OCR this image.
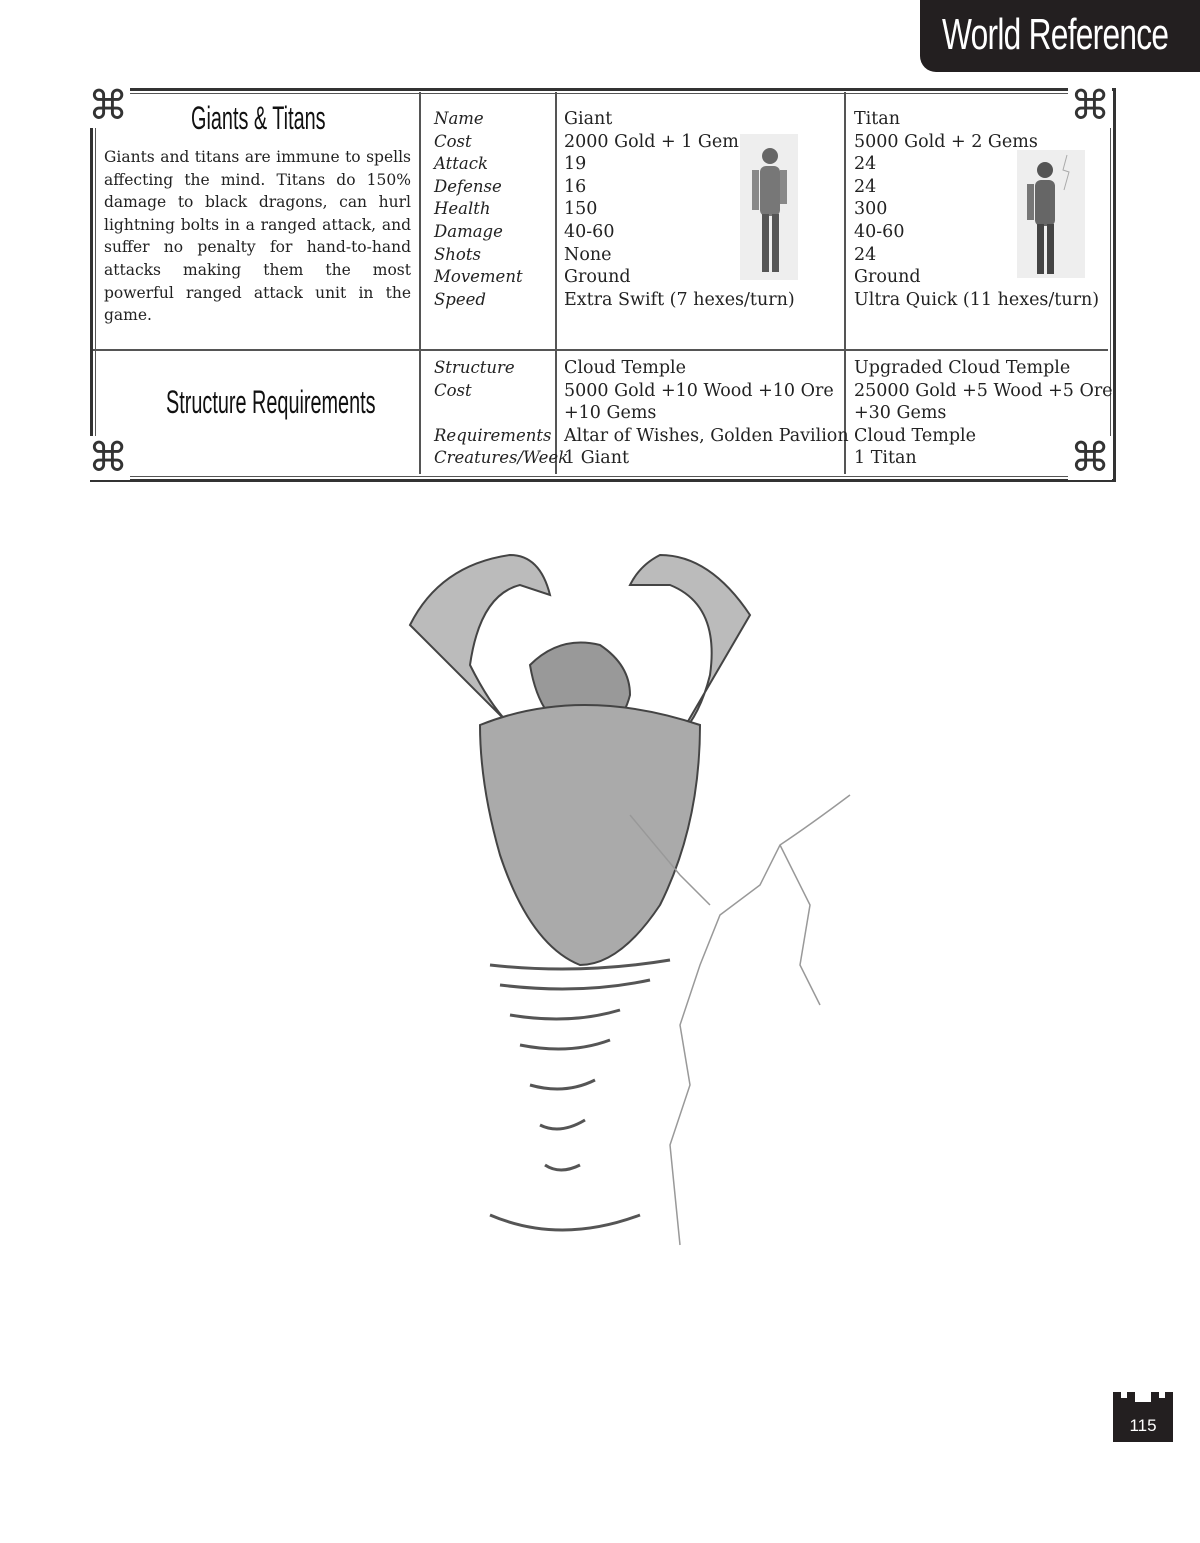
World Reference
⌘	⌘
⌘	⌘
Giants & Titans
Giants and titans are immune to spells affecting the mind. Titans do 150% damage to black dragons, can hurl lightning bolts in a ranged attack, and suffer no penalty for hand-to-hand attacks making them the most powerful ranged attack unit in the game.
Structure Requirements
Name
Cost
Attack
Defense
Health
Damage
Shots
Movement
Speed
Giant
2000 Gold + 1 Gem
19
16
150
40-60
None
Ground
Extra Swift (7 hexes/turn)
Titan
5000 Gold + 2 Gems
24
24
300
40-60
24
Ground
Ultra Quick (11 hexes/turn)
Structure
Cost
Requirements
Creatures/Week
Cloud Temple
5000 Gold +10 Wood +10 Ore
+10 Gems
Altar of Wishes, Golden Pavilion
1 Giant
Upgraded Cloud Temple
25000 Gold +5 Wood +5 Ore
+30 Gems
Cloud Temple
1 Titan
115
